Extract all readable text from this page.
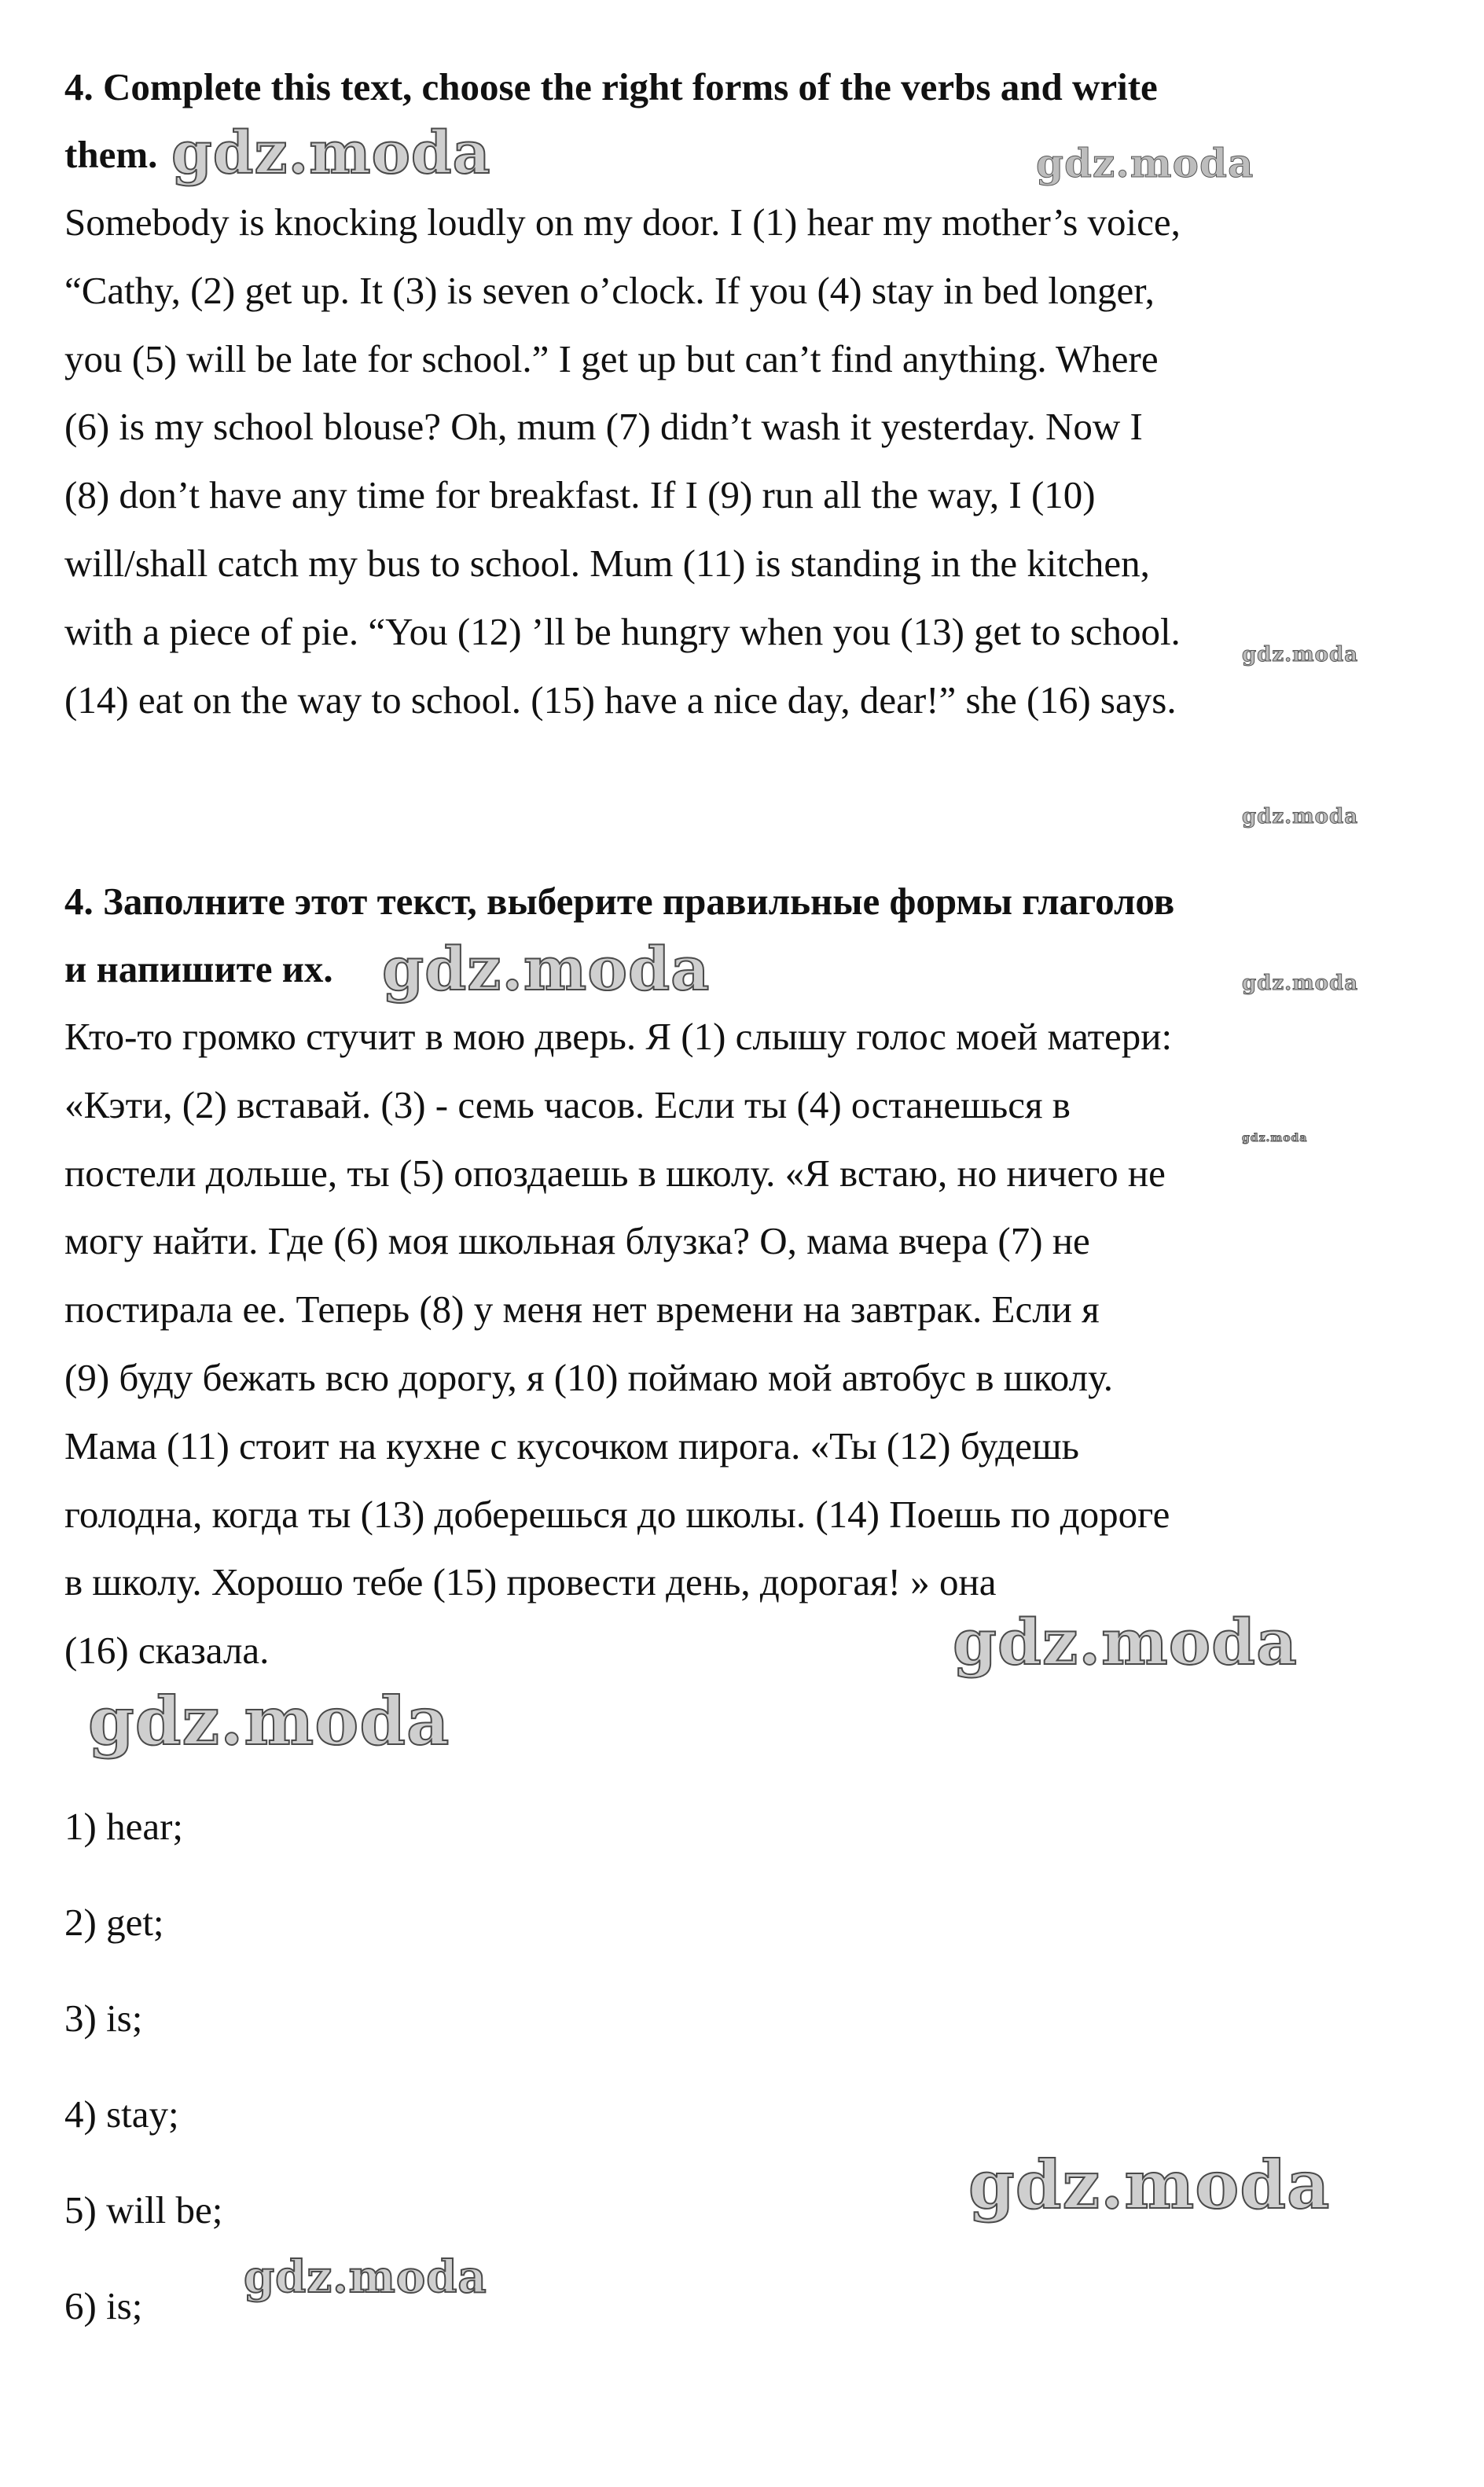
4. Complete this text, choose the right forms of the verbs and write
them.

Somebody is knocking loudly on my door. I (1) hear my mother’s voice,
“Cathy, (2) get up. It (3) is seven o’clock. If you (4) stay in bed longer,
you (5) will be late for school.” I get up but can’t find anything. Where
(6) is my school blouse? Oh, mum (7) didn’t wash it yesterday. Now I
(8) don’t have any time for breakfast. If I (9) run all the way, I (10)
will/shall catch my bus to school. Mum (11) is standing in the kitchen,
with a piece of pie. “You (12) ’ll be hungry when you (13) get to school.
(14) eat on the way to school. (15) have a nice day, dear!” she (16) says.

4. Заполните этот текст, выберите правильные формы глаголов
и напишите их.

Кто-то громко стучит в мою дверь. Я (1) слышу голос моей матери:
«Кэти, (2) вставай. (3) - семь часов. Если ты (4) останешься в
постели дольше, ты (5) опоздаешь в школу. «Я встаю, но ничего не
могу найти. Где (6) моя школьная блузка? О, мама вчера (7) не
постирала ее. Теперь (8) у меня нет времени на завтрак. Если я
(9) буду бежать всю дорогу, я (10) поймаю мой автобус в школу.
Мама (11) стоит на кухне с кусочком пирога. «Ты (12) будешь
голодна, когда ты (13) доберешься до школы. (14) Поешь по дороге
в школу. Хорошо тебе (15) провести день, дорогая! » она
(16) сказала.

1) hear;
2) get;
3) is;
4) stay;
5) will be;
6) is;
gdz.moda	gdz.moda
gdz.moda
gdz.moda
gdz.moda	gdz.moda
gdz.moda
gdz.moda
gdz.moda
gdz.moda
gdz.moda
